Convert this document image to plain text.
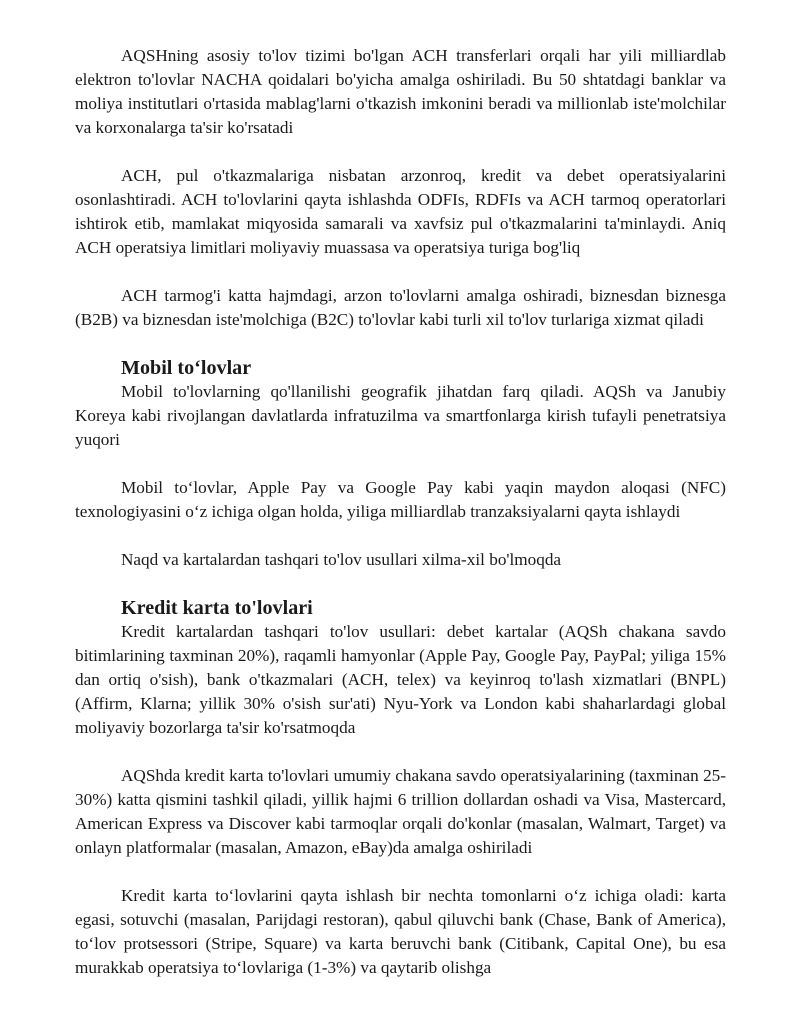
AQSHning asosiy to'lov tizimi bo'lgan ACH transferlari orqali har yili milliardlab elektron to'lovlar NACHA qoidalari bo'yicha amalga oshiriladi. Bu 50 shtatdagi banklar va moliya institutlari o'rtasida mablag'larni o'tkazish imkonini beradi va millionlab iste'molchilar va korxonalarga ta'sir ko'rsatadi

ACH, pul o'tkazmalariga nisbatan arzonroq, kredit va debet operatsiyalarini osonlashtiradi. ACH to'lovlarini qayta ishlashda ODFIs, RDFIs va ACH tarmoq operatorlari ishtirok etib, mamlakat miqyosida samarali va xavfsiz pul o'tkazmalarini ta'minlaydi. Aniq ACH operatsiya limitlari moliyaviy muassasa va operatsiya turiga bog'liq

ACH tarmog'i katta hajmdagi, arzon to'lovlarni amalga oshiradi, biznesdan biznesga (B2B) va biznesdan iste'molchiga (B2C) to'lovlar kabi turli xil to'lov turlariga xizmat qiladi

Mobil to‘lovlar

Mobil to'lovlarning qo'llanilishi geografik jihatdan farq qiladi. AQSh va Janubiy Koreya kabi rivojlangan davlatlarda infratuzilma va smartfonlarga kirish tufayli penetratsiya yuqori

Mobil to‘lovlar, Apple Pay va Google Pay kabi yaqin maydon aloqasi (NFC) texnologiyasini o‘z ichiga olgan holda, yiliga milliardlab tranzaksiyalarni qayta ishlaydi

Naqd va kartalardan tashqari to'lov usullari xilma-xil bo'lmoqda

Kredit karta to'lovlari

Kredit kartalardan tashqari to'lov usullari: debet kartalar (AQSh chakana savdo bitimlarining taxminan 20%), raqamli hamyonlar (Apple Pay, Google Pay, PayPal; yiliga 15% dan ortiq o'sish), bank o'tkazmalari (ACH, telex) va keyinroq to'lash xizmatlari (BNPL) (Affirm, Klarna; yillik 30% o'sish sur'ati) Nyu-York va London kabi shaharlardagi global moliyaviy bozorlarga ta'sir ko'rsatmoqda

AQShda kredit karta to'lovlari umumiy chakana savdo operatsiyalarining (taxminan 25-30%) katta qismini tashkil qiladi, yillik hajmi 6 trillion dollardan oshadi va Visa, Mastercard, American Express va Discover kabi tarmoqlar orqali do'konlar (masalan, Walmart, Target) va onlayn platformalar (masalan, Amazon, eBay)da amalga oshiriladi

Kredit karta to‘lovlarini qayta ishlash bir nechta tomonlarni o‘z ichiga oladi: karta egasi, sotuvchi (masalan, Parijdagi restoran), qabul qiluvchi bank (Chase, Bank of America), to‘lov protsessori (Stripe, Square) va karta beruvchi bank (Citibank, Capital One), bu esa murakkab operatsiya to‘lovlariga (1-3%) va qaytarib olishga
